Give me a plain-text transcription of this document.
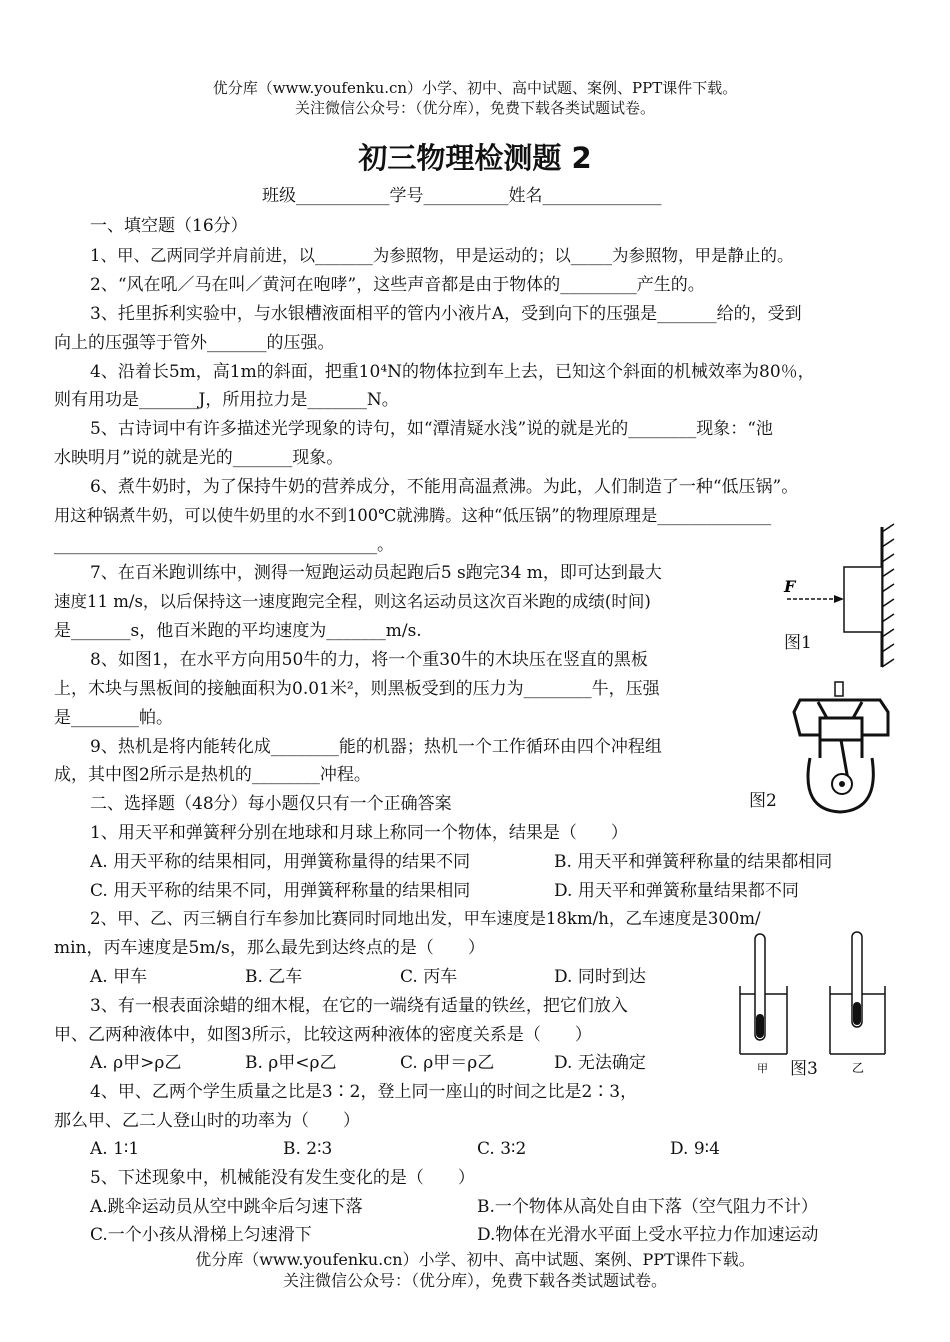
优分库（www.youfenku.cn）小学、初中、高中试题、案例、PPT课件下载。
关注微信公众号：（优分库），免费下载各类试题试卷。
初三物理检测题 2
班级___________学号__________姓名______________
一、填空题（16分）
1、甲、乙两同学并肩前进，以_______为参照物，甲是运动的；以_____为参照物，甲是静止的。
2、“风在吼／马在叫／黄河在咆哮”，这些声音都是由于物体的_________产生的。
3、托里拆利实验中，与水银槽液面相平的管内小液片A，受到向下的压强是_______给的，受到
向上的压强等于管外_______的压强。
4、沿着长5m，高1m的斜面，把重10⁴N的物体拉到车上去，已知这个斜面的机械效率为80％，
则有用功是_______J，所用拉力是_______N。
5、古诗词中有许多描述光学现象的诗句，如“潭清疑水浅”说的就是光的________现象：“池
水映明月”说的就是光的_______现象。
6、煮牛奶时，为了保持牛奶的营养成分，不能用高温煮沸。为此，人们制造了一种“低压锅”。
用这种锅煮牛奶，可以使牛奶里的水不到100℃就沸腾。这种“低压锅”的物理原理是______________
______________________________________。
7、在百米跑训练中，测得一短跑运动员起跑后5 s跑完34 m，即可达到最大
速度11 m/s，以后保持这一速度跑完全程，则这名运动员这次百米跑的成绩(时间)
是_______s，他百米跑的平均速度为_______m/s.
8、如图1，在水平方向用50牛的力，将一个重30牛的木块压在竖直的黑板
上，木块与黑板间的接触面积为0.01米²，则黑板受到的压力为________牛，压强
是________帕。
9、热机是将内能转化成________能的机器；热机一个工作循环由四个冲程组
成，其中图2所示是热机的________冲程。
二、选择题（48分）每小题仅只有一个正确答案
1、用天平和弹簧秤分别在地球和月球上称同一个物体，结果是（　　）
A. 用天平称的结果相同，用弹簧称量得的结果不同	B. 用天平和弹簧秤称量的结果都相同
C. 用天平称的结果不同，用弹簧秤称量的结果相同	D. 用天平和弹簧称量结果都不同
2、甲、乙、丙三辆自行车参加比赛同时同地出发，甲车速度是18km/h，乙车速度是300m/
min，丙车速度是5m/s，那么最先到达终点的是（　　）
A. 甲车	B. 乙车	C. 丙车	D. 同时到达
3、有一根表面涂蜡的细木棍，在它的一端绕有适量的铁丝，把它们放入
甲、乙两种液体中，如图3所示，比较这两种液体的密度关系是（　　）
A. ρ甲>ρ乙	B. ρ甲<ρ乙	C. ρ甲＝ρ乙	D. 无法确定
4、甲、乙两个学生质量之比是3∶2，登上同一座山的时间之比是2∶3，
那么甲、乙二人登山时的功率为（　　）
A. 1∶1	B. 2∶3	C. 3∶2	D. 9∶4
5、下述现象中，机械能没有发生变化的是（　　）
A.跳伞运动员从空中跳伞后匀速下落	B.一个物体从高处自由下落（空气阻力不计）
C.一个小孩从滑梯上匀速滑下	D.物体在光滑水平面上受水平拉力作加速运动
优分库（www.youfenku.cn）小学、初中、高中试题、案例、PPT课件下载。
关注微信公众号：（优分库），免费下载各类试题试卷。
F
图1
图2
甲	乙
图3
